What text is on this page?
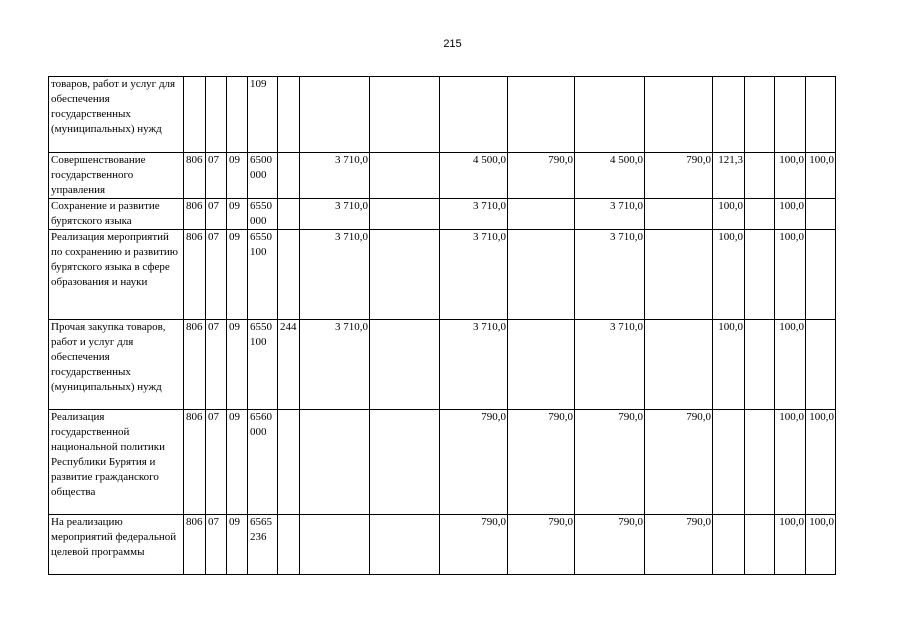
215
товаров, работ и услуг для обеспечения государственных (муниципальных) нужд				109											
Совершенствование государственного управления	806	07	09	6500 000		3 710,0		4 500,0	790,0	4 500,0	790,0	121,3		100,0	100,0
Сохранение и развитие бурятского языка	806	07	09	6550 000		3 710,0		3 710,0		3 710,0		100,0		100,0	
Реализация мероприятий по сохранению и развитию бурятского языка в сфере образования и науки	806	07	09	6550 100		3 710,0		3 710,0		3 710,0		100,0		100,0	
Прочая закупка товаров, работ и услуг для обеспечения государственных (муниципальных) нужд	806	07	09	6550 100	244	3 710,0		3 710,0		3 710,0		100,0		100,0	
Реализация государственной национальной политики Республики Бурятия и развитие гражданского общества	806	07	09	6560 000				790,0	790,0	790,0	790,0			100,0	100,0
На реализацию мероприятий федеральной целевой программы	806	07	09	6565 236				790,0	790,0	790,0	790,0			100,0	100,0
